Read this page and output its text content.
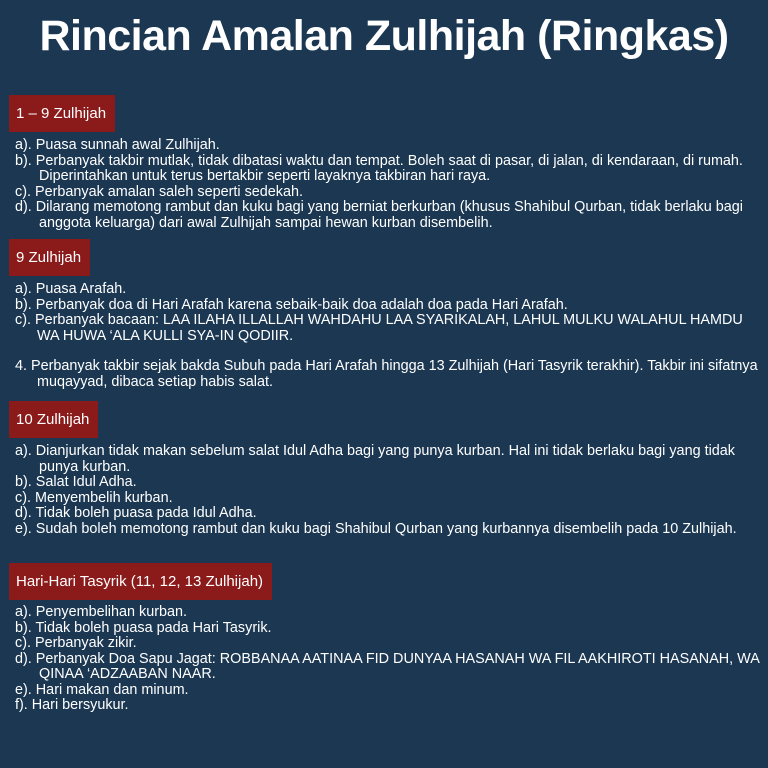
Rincian Amalan Zulhijah (Ringkas)
1 – 9 Zulhijah

a). Puasa sunnah awal Zulhijah.

b). Perbanyak takbir mutlak, tidak dibatasi waktu dan tempat. Boleh saat di pasar, di jalan, di kendaraan, di rumah. Diperintahkan untuk terus bertakbir seperti layaknya takbiran hari raya.

c). Perbanyak amalan saleh seperti sedekah.

d). Dilarang memotong rambut dan kuku bagi yang berniat berkurban (khusus Shahibul Qurban, tidak berlaku bagi anggota keluarga) dari awal Zulhijah sampai hewan kurban disembelih.

9 Zulhijah

a). Puasa Arafah.

b). Perbanyak doa di Hari Arafah karena sebaik-baik doa adalah doa pada Hari Arafah.

c). Perbanyak bacaan: LAA ILAHA ILLALLAH WAHDAHU LAA SYARIKALAH, LAHUL MULKU WALAHUL HAMDU WA HUWA ‘ALA KULLI SYA-IN QODIIR.

4. Perbanyak takbir sejak bakda Subuh pada Hari Arafah hingga 13 Zulhijah (Hari Tasyrik terakhir). Takbir ini sifatnya muqayyad, dibaca setiap habis salat.

10 Zulhijah

a). Dianjurkan tidak makan sebelum salat Idul Adha bagi yang punya kurban. Hal ini tidak berlaku bagi yang tidak punya kurban.

b). Salat Idul Adha.

c). Menyembelih kurban.

d). Tidak boleh puasa pada Idul Adha.

e). Sudah boleh memotong rambut dan kuku bagi Shahibul Qurban yang kurbannya disembelih pada 10 Zulhijah.

Hari-Hari Tasyrik (11, 12, 13 Zulhijah)

a). Penyembelihan kurban.

b). Tidak boleh puasa pada Hari Tasyrik.

c). Perbanyak zikir.

d). Perbanyak Doa Sapu Jagat: ROBBANAA AATINAA FID DUNYAA HASANAH WA FIL AAKHIROTI HASANAH, WA QINAA ‘ADZAABAN NAAR.

e). Hari makan dan minum.

f). Hari bersyukur.
